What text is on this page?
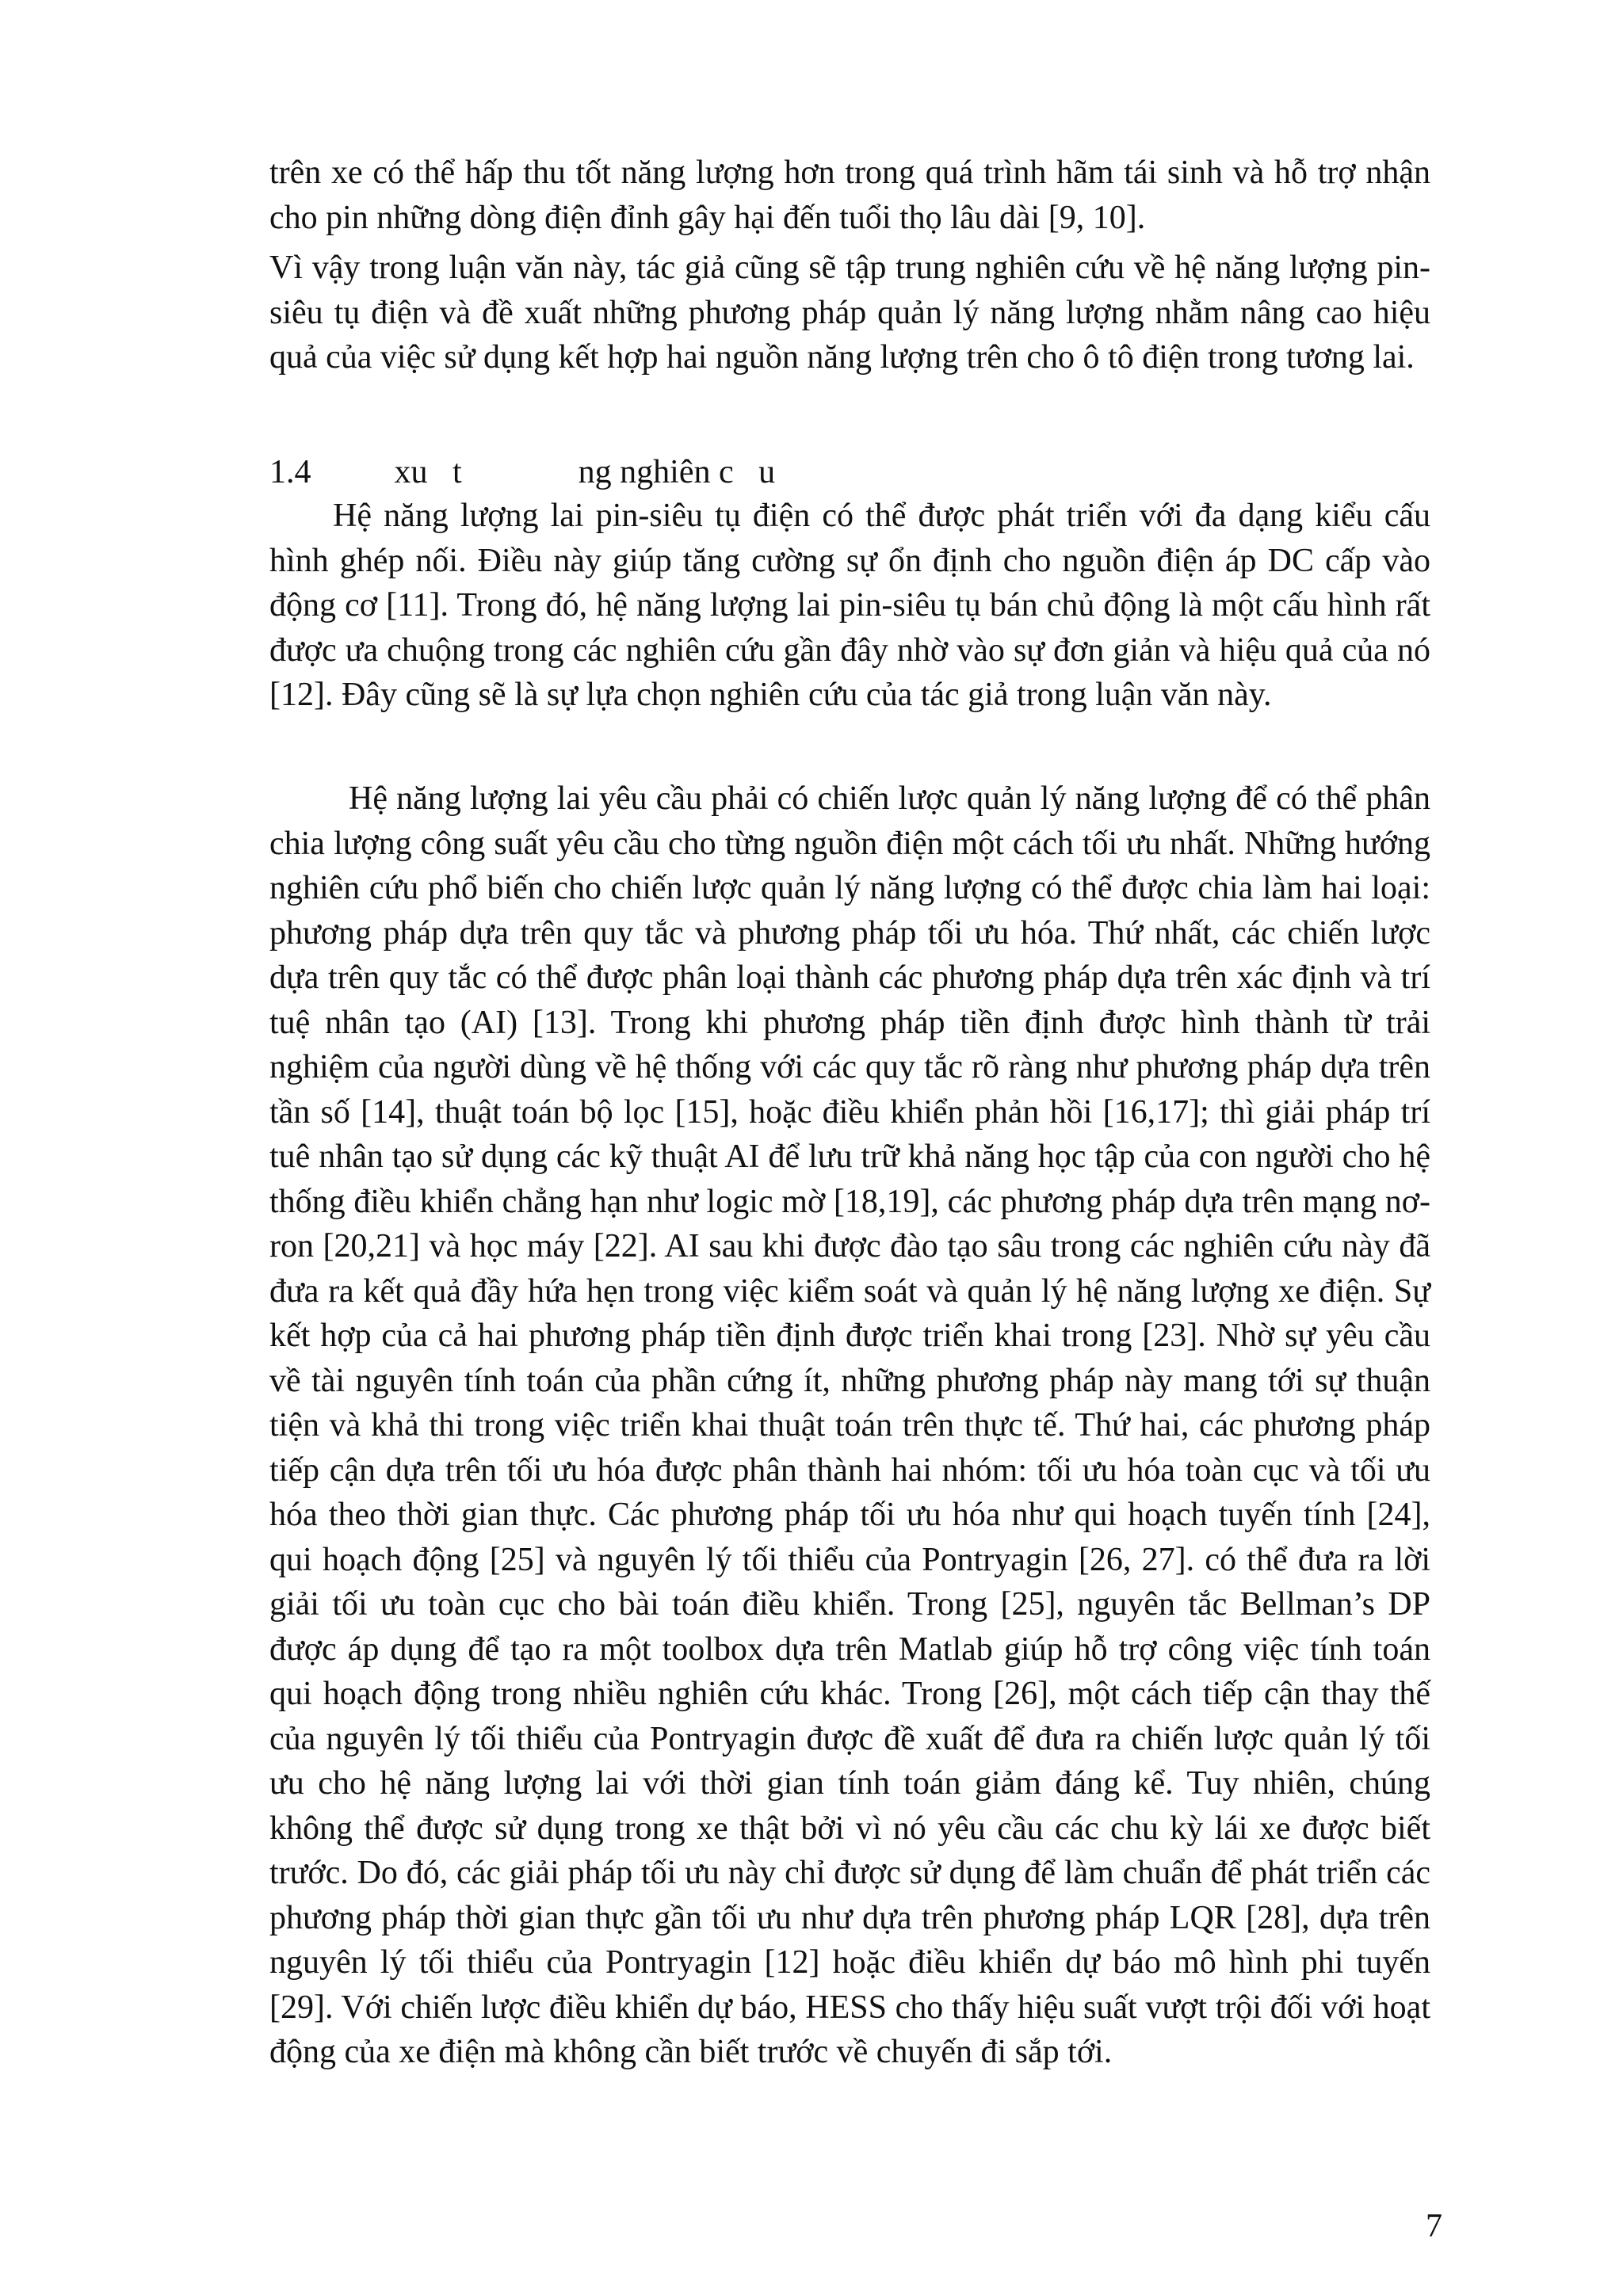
trên xe có thể hấp thu tốt năng lượng hơn trong quá trình hãm tái sinh và hỗ trợ nhận cho pin những dòng điện đỉnh gây hại đến tuổi thọ lâu dài [9, 10].

Vì vậy trong luận văn này, tác giả cũng sẽ tập trung nghiên cứu về hệ năng lượng pin-siêu tụ điện và đề xuất những phương pháp quản lý năng lượng nhằm nâng cao hiệu quả của việc sử dụng kết hợp hai nguồn năng lượng trên cho ô tô điện trong tương lai.

1.4          xu   t              ng nghiên c   u

Hệ năng lượng lai pin-siêu tụ điện có thể được phát triển với đa dạng kiểu cấu hình ghép nối. Điều này giúp tăng cường sự ổn định cho nguồn điện áp DC cấp vào động cơ [11]. Trong đó, hệ năng lượng lai pin-siêu tụ bán chủ động là một cấu hình rất được ưa chuộng trong các nghiên cứu gần đây nhờ vào sự đơn giản và hiệu quả của nó [12]. Đây cũng sẽ là sự lựa chọn nghiên cứu của tác giả trong luận văn này.

Hệ năng lượng lai yêu cầu phải có chiến lược quản lý năng lượng để có thể phân chia lượng công suất yêu cầu cho từng nguồn điện một cách tối ưu nhất. Những hướng nghiên cứu phổ biến cho chiến lược quản lý năng lượng có thể được chia làm hai loại: phương pháp dựa trên quy tắc và phương pháp tối ưu hóa. Thứ nhất, các chiến lược dựa trên quy tắc có thể được phân loại thành các phương pháp dựa trên xác định và trí tuệ nhân tạo (AI) [13]. Trong khi phương pháp tiền định được hình thành từ trải nghiệm của người dùng về hệ thống với các quy tắc rõ ràng như phương pháp dựa trên tần số [14], thuật toán bộ lọc [15], hoặc điều khiển phản hồi [16,17]; thì giải pháp trí tuê nhân tạo sử dụng các kỹ thuật AI để lưu trữ khả năng học tập của con người cho hệ thống điều khiển chẳng hạn như logic mờ [18,19], các phương pháp dựa trên mạng nơ-ron [20,21] và học máy [22]. AI sau khi được đào tạo sâu trong các nghiên cứu này đã đưa ra kết quả đầy hứa hẹn trong việc kiểm soát và quản lý hệ năng lượng xe điện. Sự kết hợp của cả hai phương pháp tiền định được triển khai trong [23]. Nhờ sự yêu cầu về tài nguyên tính toán của phần cứng ít, những phương pháp này mang tới sự thuận tiện và khả thi trong việc triển khai thuật toán trên thực tế. Thứ hai, các phương pháp tiếp cận dựa trên tối ưu hóa được phân thành hai nhóm: tối ưu hóa toàn cục và tối ưu hóa theo thời gian thực. Các phương pháp tối ưu hóa như qui hoạch tuyến tính [24], qui hoạch động [25] và nguyên lý tối thiểu của Pontryagin [26, 27]. có thể đưa ra lời giải tối ưu toàn cục cho bài toán điều khiển. Trong [25], nguyên tắc Bellman’s DP được áp dụng để tạo ra một toolbox dựa trên Matlab giúp hỗ trợ công việc tính toán qui hoạch động trong nhiều nghiên cứu khác. Trong [26], một cách tiếp cận thay thế của nguyên lý tối thiểu của Pontryagin được đề xuất để đưa ra chiến lược quản lý tối ưu cho hệ năng lượng lai với thời gian tính toán giảm đáng kể. Tuy nhiên, chúng không thể được sử dụng trong xe thật bởi vì nó yêu cầu các chu kỳ lái xe được biết trước. Do đó, các giải pháp tối ưu này chỉ được sử dụng để làm chuẩn để phát triển các phương pháp thời gian thực gần tối ưu như dựa trên phương pháp LQR [28], dựa trên nguyên lý tối thiểu của Pontryagin [12] hoặc điều khiển dự báo mô hình phi tuyến [29]. Với chiến lược điều khiển dự báo, HESS cho thấy hiệu suất vượt trội đối với hoạt động của xe điện mà không cần biết trước về chuyến đi sắp tới.

7
